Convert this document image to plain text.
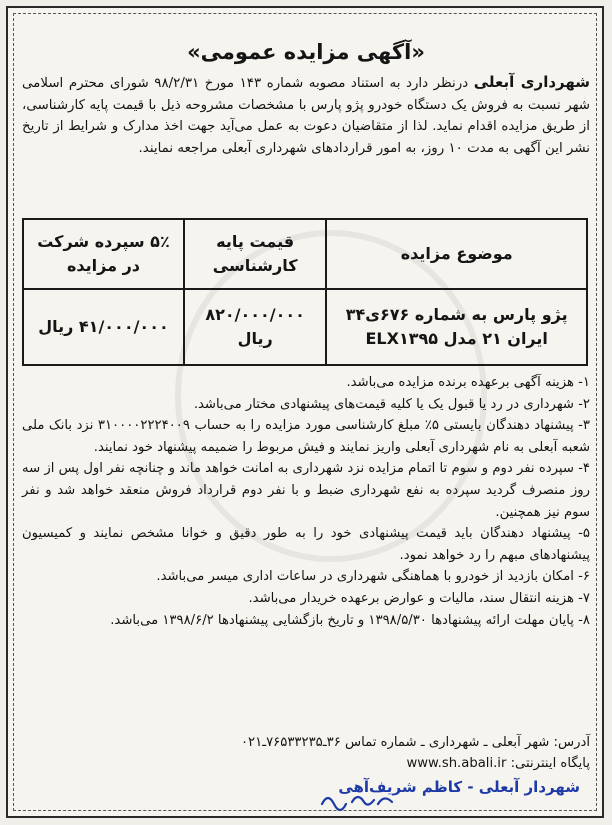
«آگهی مزایده عمومی»
شهرداری آبعلی درنظر دارد به استناد مصوبه شماره ۱۴۳ مورخ ۹۸/۲/۳۱ شورای محترم اسلامی شهر نسبت به فروش یک دستگاه خودرو پژو پارس با مشخصات مشروحه ذیل با قیمت پایه کارشناسی، از طریق مزایده اقدام نماید. لذا از متقاضیان دعوت به عمل می‌آید جهت اخذ مدارک و شرایط از تاریخ نشر این آگهی به مدت ۱۰ روز، به امور قراردادهای شهرداری آبعلی مراجعه نمایند.
موضوع مزایده	قیمت پایه کارشناسی	۵٪ سپرده شرکت در مزایده
پژو پارس به شماره ۶۷۶ی۳۴ ایران ۲۱ مدل ELX۱۳۹۵	۸۲۰/۰۰۰/۰۰۰ ریال	۴۱/۰۰۰/۰۰۰ ریال
۱- هزینه آگهی برعهده برنده مزایده می‌باشد.
۲- شهرداری در رد یا قبول یک یا کلیه قیمت‌های پیشنهادی مختار می‌باشد.
۳- پیشنهاد دهندگان بایستی ۵٪ مبلغ کارشناسی مورد مزایده را به حساب ۳۱۰۰۰۰۲۲۲۴۰۰۹ نزد بانک ملی شعبه آبعلی به نام شهرداری آبعلی واریز نمایند و فیش مربوط را ضمیمه پیشنهاد خود نمایند.
۴- سپرده نفر دوم و سوم تا اتمام مزایده نزد شهرداری به امانت خواهد ماند و چنانچه نفر اول پس از سه روز منصرف گردید سپرده به نفع شهرداری ضبط و با نفر دوم قرارداد فروش منعقد خواهد شد و نفر سوم نیز همچنین.
۵- پیشنهاد دهندگان باید قیمت پیشنهادی خود را به طور دقیق و خوانا مشخص نمایند و کمیسیون پیشنهادهای مبهم را رد خواهد نمود.
۶- امکان بازدید از خودرو با هماهنگی شهرداری در ساعات اداری میسر می‌باشد.
۷- هزینه انتقال سند، مالیات و عوارض برعهده خریدار می‌باشد.
۸- پایان مهلت ارائه پیشنهادها ۱۳۹۸/۵/۳۰ و تاریخ بازگشایی پیشنهادها ۱۳۹۸/۶/۲ می‌باشد.
آدرس: شهر آبعلی ـ شهرداری ـ شماره تماس ۳۶ـ۷۶۵۳۳۲۳۵ـ۰۲۱
پایگاه اینترنتی: www.sh.abali.ir
شهردار آبعلی - کاظم شریف‌آهی
